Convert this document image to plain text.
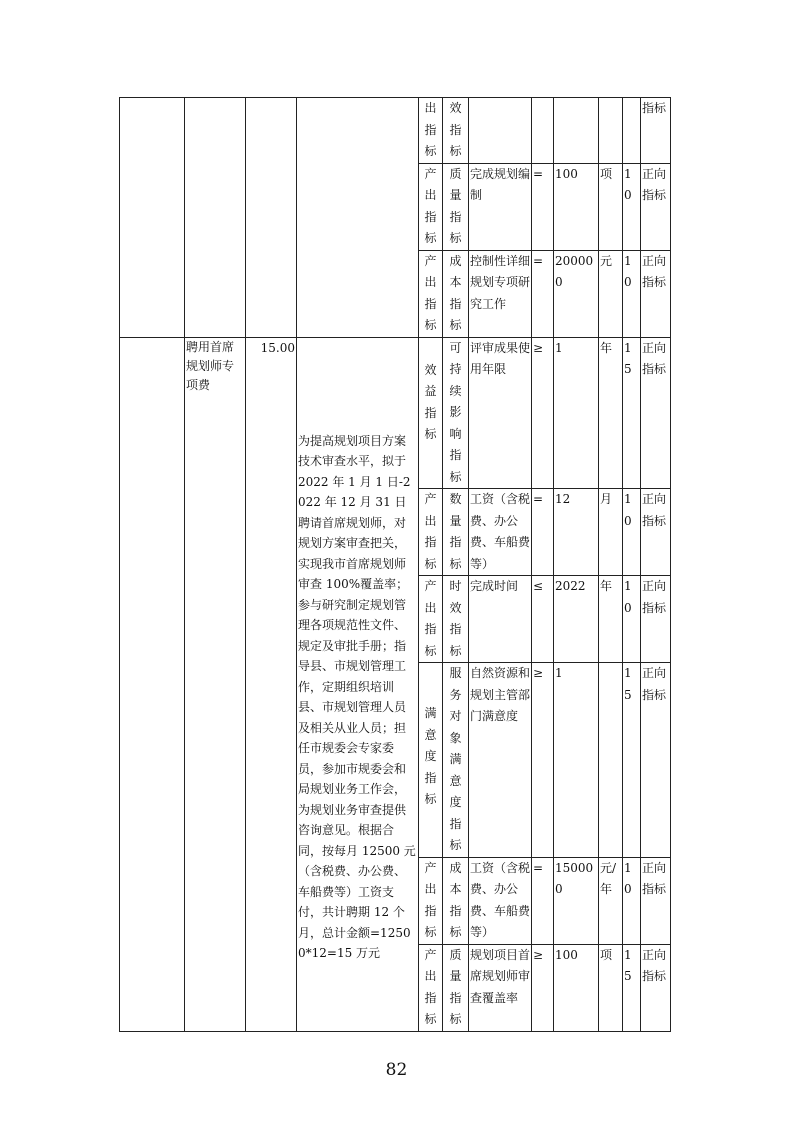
				出指标	效指标						指标
				产出指标	质量指标	完成规划编制	=	100	项	10	正向指标
				产出指标	成本指标	控制性详细规划专项研究工作	=	200000	元	10	正向指标
	聘用首席规划师专项费	15.00	为提高规划项目方案技术审查水平，拟于 2022 年 1 月 1 日-2022 年 12 月 31 日聘请首席规划师，对规划方案审查把关，实现我市首席规划师审查 100%覆盖率；参与研究制定规划管理各项规范性文件、规定及审批手册；指导县、市规划管理工作，定期组织培训县、市规划管理人员及相关从业人员；担任市规委会专家委员，参加市规委会和局规划业务工作会，为规划业务审查提供咨询意见。根据合同，按每月 12500 元（含税费、办公费、车船费等）工资支付，共计聘期 12 个月，总计金额=12500*12=15 万元	效益指标	可持续影响指标	评审成果使用年限	≥	1	年	15	正向指标
				产出指标	数量指标	工资（含税费、办公费、车船费等）	=	12	月	10	正向指标
				产出指标	时效指标	完成时间	≤	2022	年	10	正向指标
				满意度指标	服务对象满意度指标	自然资源和规划主管部门满意度	≥	1		15	正向指标
				产出指标	成本指标	工资（含税费、办公费、车船费等）	=	150000	元/年	10	正向指标
				产出指标	质量指标	规划项目首席规划师审查覆盖率	≥	100	项	15	正向指标
82
